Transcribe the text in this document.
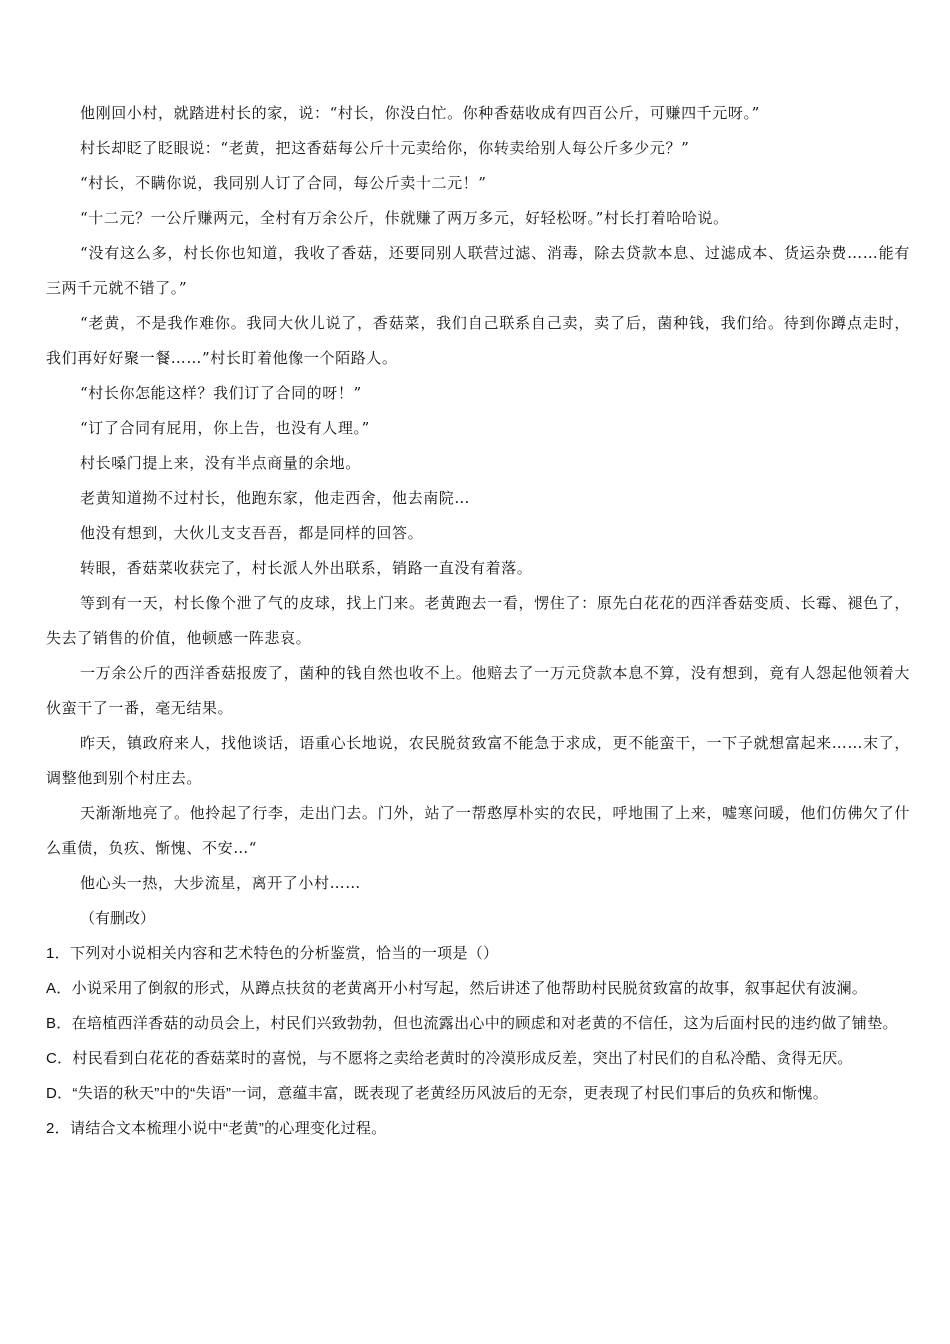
他刚回小村，就踏进村长的家，说：“村长，你没白忙。你种香菇收成有四百公斤，可赚四千元呀。”

村长却眨了眨眼说：“老黄，把这香菇每公斤十元卖给你，你转卖给别人每公斤多少元？”

“村长，不瞒你说，我同别人订了合同，每公斤卖十二元！”

“十二元？一公斤赚两元，全村有万余公斤，佧就赚了两万多元，好轻松呀。”村长打着哈哈说。

“没有这么多，村长你也知道，我收了香菇，还要同别人联营过滤、消毒，除去贷款本息、过滤成本、货运杂费……能有三两千元就不错了。”

“老黄，不是我作难你。我同大伙儿说了，香菇菜，我们自己联系自己卖，卖了后，菌种钱，我们给。待到你蹲点走时，我们再好好聚一餐……”村长盯着他像一个陌路人。

“村长你怎能这样？我们订了合同的呀！”

“订了合同有屁用，你上告，也没有人理。”

村长嗓门提上来，没有半点商量的余地。

老黄知道拗不过村长，他跑东家，他走西舍，他去南院…

他没有想到，大伙儿支支吾吾，都是同样的回答。

转眼，香菇菜收获完了，村长派人外出联系，销路一直没有着落。

等到有一天，村长像个泄了气的皮球，找上门来。老黄跑去一看，愣住了：原先白花花的西洋香菇变质、长霉、褪色了，失去了销售的价值，他顿感一阵悲哀。

一万余公斤的西洋香菇报废了，菌种的钱自然也收不上。他赔去了一万元贷款本息不算，没有想到，竟有人怨起他领着大伙蛮干了一番，毫无结果。

昨天，镇政府来人，找他谈话，语重心长地说，农民脱贫致富不能急于求成，更不能蛮干，一下子就想富起来……末了，调整他到别个村庄去。

天渐渐地亮了。他拎起了行李，走出门去。门外，站了一帮憨厚朴实的农民，呼地围了上来，嘘寒问暖，他们仿佛欠了什么重债，负疚、惭愧、不安…“

他心头一热，大步流星，离开了小村……

（有删改）

1．下列对小说相关内容和艺术特色的分析鉴赏，恰当的一项是（）

A．小说采用了倒叙的形式，从蹲点扶贫的老黄离开小村写起，然后讲述了他帮助村民脱贫致富的故事，叙事起伏有波澜。

B．在培植西洋香菇的动员会上，村民们兴致勃勃，但也流露出心中的顾虑和对老黄的不信任，这为后面村民的违约做了铺垫。

C．村民看到白花花的香菇菜时的喜悦，与不愿将之卖给老黄时的冷漠形成反差，突出了村民们的自私冷酷、贪得无厌。

D．“失语的秋天”中的“失语”一词，意蕴丰富，既表现了老黄经历风波后的无奈，更表现了村民们事后的负疚和惭愧。

2．请结合文本梳理小说中“老黄”的心理变化过程。
